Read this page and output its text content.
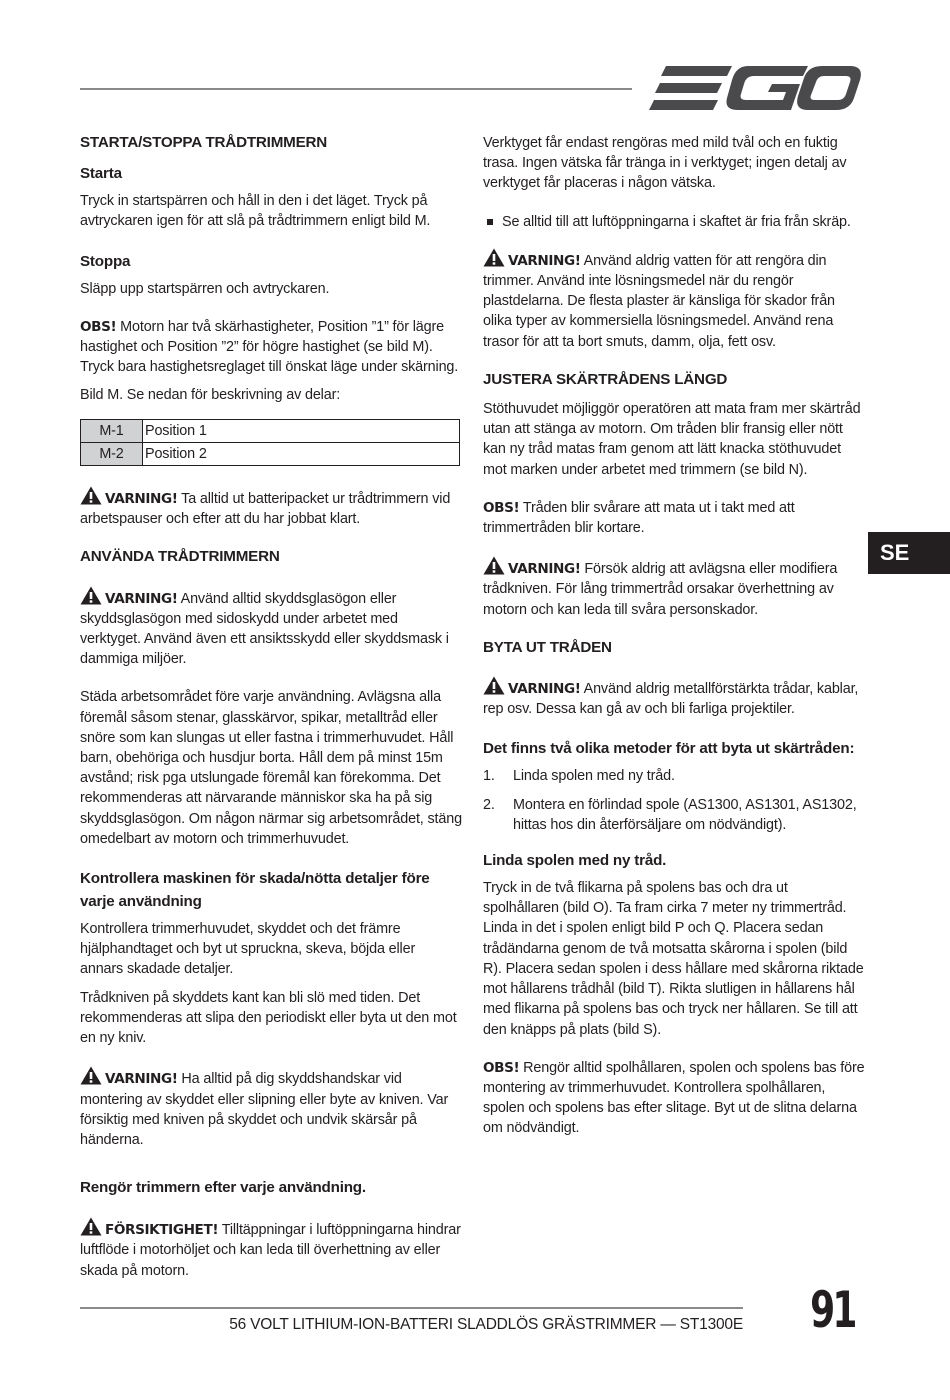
SE
STARTA/STOPPA TRÅDTRIMMERN
Starta

Tryck in startspärren och håll in den i det läget. Tryck på avtryckaren igen för att slå på trådtrimmern enligt bild M.

Stoppa

Släpp upp startspärren och avtryckaren.

OBS! Motorn har två skärhastigheter, Position ”1” för lägre hastighet och Position ”2” för högre hastighet (se bild M). Tryck bara hastighetsreglaget till önskat läge under skärning.

Bild M. Se nedan för beskrivning av delar:

M-1	Position 1
M-2	Position 2

VARNING! Ta alltid ut batteripacket ur trådtrimmern vid arbetspauser och efter att du har jobbat klart.

ANVÄNDA TRÅDTRIMMERN

VARNING! Använd alltid skyddsglasögon eller skyddsglasögon med sidoskydd under arbetet med verktyget. Använd även ett ansiktsskydd eller skyddsmask i dammiga miljöer.

Städa arbetsområdet före varje användning. Avlägsna alla föremål såsom stenar, glasskärvor, spikar, metalltråd eller snöre som kan slungas ut eller fastna i trimmerhuvudet. Håll barn, obehöriga och husdjur borta. Håll dem på minst 15m avstånd; risk pga utslungade föremål kan förekomma. Det rekommenderas att närvarande människor ska ha på sig skyddsglasögon. Om någon närmar sig arbetsområdet, stäng omedelbart av motorn och trimmerhuvudet.

Kontrollera maskinen för skada/nötta detaljer före varje användning

Kontrollera trimmerhuvudet, skyddet och det främre hjälphandtaget och byt ut spruckna, skeva, böjda eller annars skadade detaljer.

Trådkniven på skyddets kant kan bli slö med tiden. Det rekommenderas att slipa den periodiskt eller byta ut den mot en ny kniv.

VARNING! Ha alltid på dig skyddshandskar vid montering av skyddet eller slipning eller byte av kniven. Var försiktig med kniven på skyddet och undvik skärsår på händerna.

Rengör trimmern efter varje användning.

FÖRSIKTIGHET! Tilltäppningar i luftöppningarna hindrar luftflöde i motorhöljet och kan leda till överhettning av eller skada på motorn.

Verktyget får endast rengöras med mild tvål och en fuktig trasa. Ingen vätska får tränga in i verktyget; ingen detalj av verktyget får placeras i någon vätska.

Se alltid till att luftöppningarna i skaftet är fria från skräp.

VARNING! Använd aldrig vatten för att rengöra din trimmer. Använd inte lösningsmedel när du rengör plastdelarna. De flesta plaster är känsliga för skador från olika typer av kommersiella lösningsmedel. Använd rena trasor för att ta bort smuts, damm, olja, fett osv.

JUSTERA SKÄRTRÅDENS LÄNGD

Stöthuvudet möjliggör operatören att mata fram mer skärtråd utan att stänga av motorn. Om tråden blir fransig eller nött kan ny tråd matas fram genom att lätt knacka stöthuvudet mot marken under arbetet med trimmern (se bild N).

OBS! Tråden blir svårare att mata ut i takt med att trimmertråden blir kortare.

VARNING! Försök aldrig att avlägsna eller modifiera trådkniven. För lång trimmertråd orsakar överhettning av motorn och kan leda till svåra personskador.

BYTA UT TRÅDEN

VARNING! Använd aldrig metallförstärkta trådar, kablar, rep osv. Dessa kan gå av och bli farliga projektiler.

Det finns två olika metoder för att byta ut skärtråden:
1. Linda spolen med ny tråd.
2. Montera en förlindad spole (AS1300, AS1301, AS1302, hittas hos din återförsäljare om nödvändigt).
Linda spolen med ny tråd.

Tryck in de två flikarna på spolens bas och dra ut spolhållaren (bild O). Ta fram cirka 7 meter ny trimmertråd. Linda in det i spolen enligt bild P och Q. Placera sedan trådändarna genom de två motsatta skårorna i spolen (bild R). Placera sedan spolen i dess hållare med skårorna riktade mot hållarens trådhål (bild T). Rikta slutligen in hållarens hål med flikarna på spolens bas och tryck ner hållaren. Se till att den knäpps på plats (bild S).

OBS! Rengör alltid spolhållaren, spolen och spolens bas före montering av trimmerhuvudet. Kontrollera spolhållaren, spolen och spolens bas efter slitage. Byt ut de slitna delarna om nödvändigt.

56 VOLT LITHIUM-ION-BATTERI SLADDLÖS GRÄSTRIMMER — ST1300E 91
